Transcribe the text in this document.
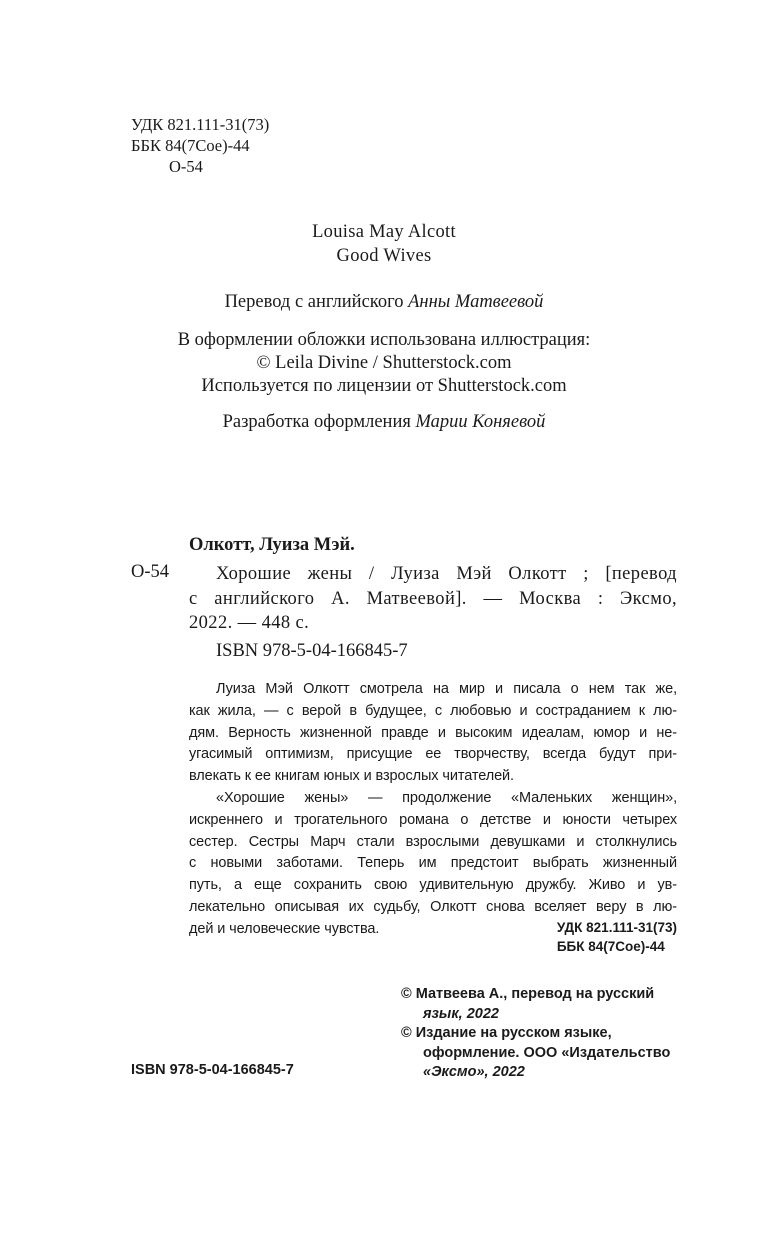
УДК 821.111-31(73)
ББК 84(7Сое)-44
О-54
Louisa May Alcott
Good Wives
Перевод с английского Анны Матвеевой
В оформлении обложки использована иллюстрация:
© Leila Divine / Shutterstock.com
Используется по лицензии от Shutterstock.com
Разработка оформления Марии Коняевой
Олкотт, Луиза Мэй.
О-54	Хорошие жены / Луиза Мэй Олкотт ; [перевод
с английского А. Матвеевой]. — Москва : Эксмо,
2022. — 448 с.
ISBN 978-5-04-166845-7
Луиза Мэй Олкотт смотрела на мир и писала о нем так же,
как жила, — с верой в будущее, с любовью и состраданием к лю-
дям. Верность жизненной правде и высоким идеалам, юмор и не-
угасимый оптимизм, присущие ее творчеству, всегда будут при-
влекать к ее книгам юных и взрослых читателей.
«Хорошие жены» — продолжение «Маленьких женщин»,
искреннего и трогательного романа о детстве и юности четырех
сестер. Сестры Марч стали взрослыми девушками и столкнулись
с новыми заботами. Теперь им предстоит выбрать жизненный
путь, а еще сохранить свою удивительную дружбу. Живо и ув-
лекательно описывая их судьбу, Олкотт снова вселяет веру в лю-
дей и человеческие чувства.	УДК 821.111-31(73)
ББК 84(7Сое)-44
© Матвеева А., перевод на русский
язык, 2022
© Издание на русском языке,
оформление. ООО «Издательство
«Эксмо», 2022
ISBN 978-5-04-166845-7
